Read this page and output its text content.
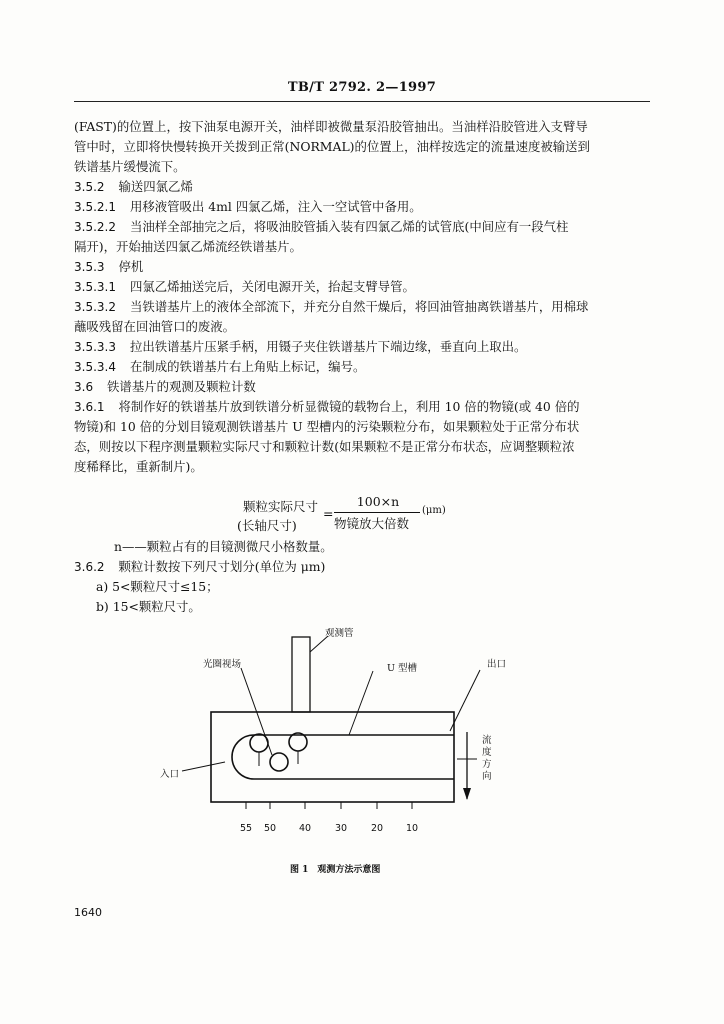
TB/T 2792. 2—1997
(FAST)的位置上，按下油泵电源开关，油样即被微量泵沿胶管抽出。当油样沿胶管进入支臂导
管中时，立即将快慢转换开关拨到正常(NORMAL)的位置上，油样按选定的流量速度被输送到
铁谱基片缓慢流下。
3.5.2 输送四氯乙烯
3.5.2.1 用移液管吸出 4ml 四氯乙烯，注入一空试管中备用。
3.5.2.2 当油样全部抽完之后，将吸油胶管插入装有四氯乙烯的试管底(中间应有一段气柱
隔开)，开始抽送四氯乙烯流经铁谱基片。
3.5.3 停机
3.5.3.1 四氯乙烯抽送完后，关闭电源开关，抬起支臂导管。
3.5.3.2 当铁谱基片上的液体全部流下，并充分自然干燥后，将回油管抽离铁谱基片，用棉球
蘸吸残留在回油管口的废液。
3.5.3.3 拉出铁谱基片压紧手柄，用镊子夹住铁谱基片下端边缘，垂直向上取出。
3.5.3.4 在制成的铁谱基片右上角贴上标记，编号。
3.6 铁谱基片的观测及颗粒计数
3.6.1 将制作好的铁谱基片放到铁谱分析显微镜的载物台上，利用 10 倍的物镜(或 40 倍的
物镜)和 10 倍的分划目镜观测铁谱基片 U 型槽内的污染颗粒分布，如果颗粒处于正常分布状
态，则按以下程序测量颗粒实际尺寸和颗粒计数(如果颗粒不是正常分布状态，应调整颗粒浓
度稀释比，重新制片)。
颗粒实际尺寸
(长轴尺寸)
=
100×n
物镜放大倍数
(μm)
n——颗粒占有的目镜测微尺小格数量。
3.6.2 颗粒计数按下列尺寸划分(单位为 μm)
a) 5<颗粒尺寸≤15；
b) 15<颗粒尺寸。
观测管
光圈视场	U 型槽	出口
入口
流度方向
55 50 40	30	20 10
图 1　观测方法示意图
1640
